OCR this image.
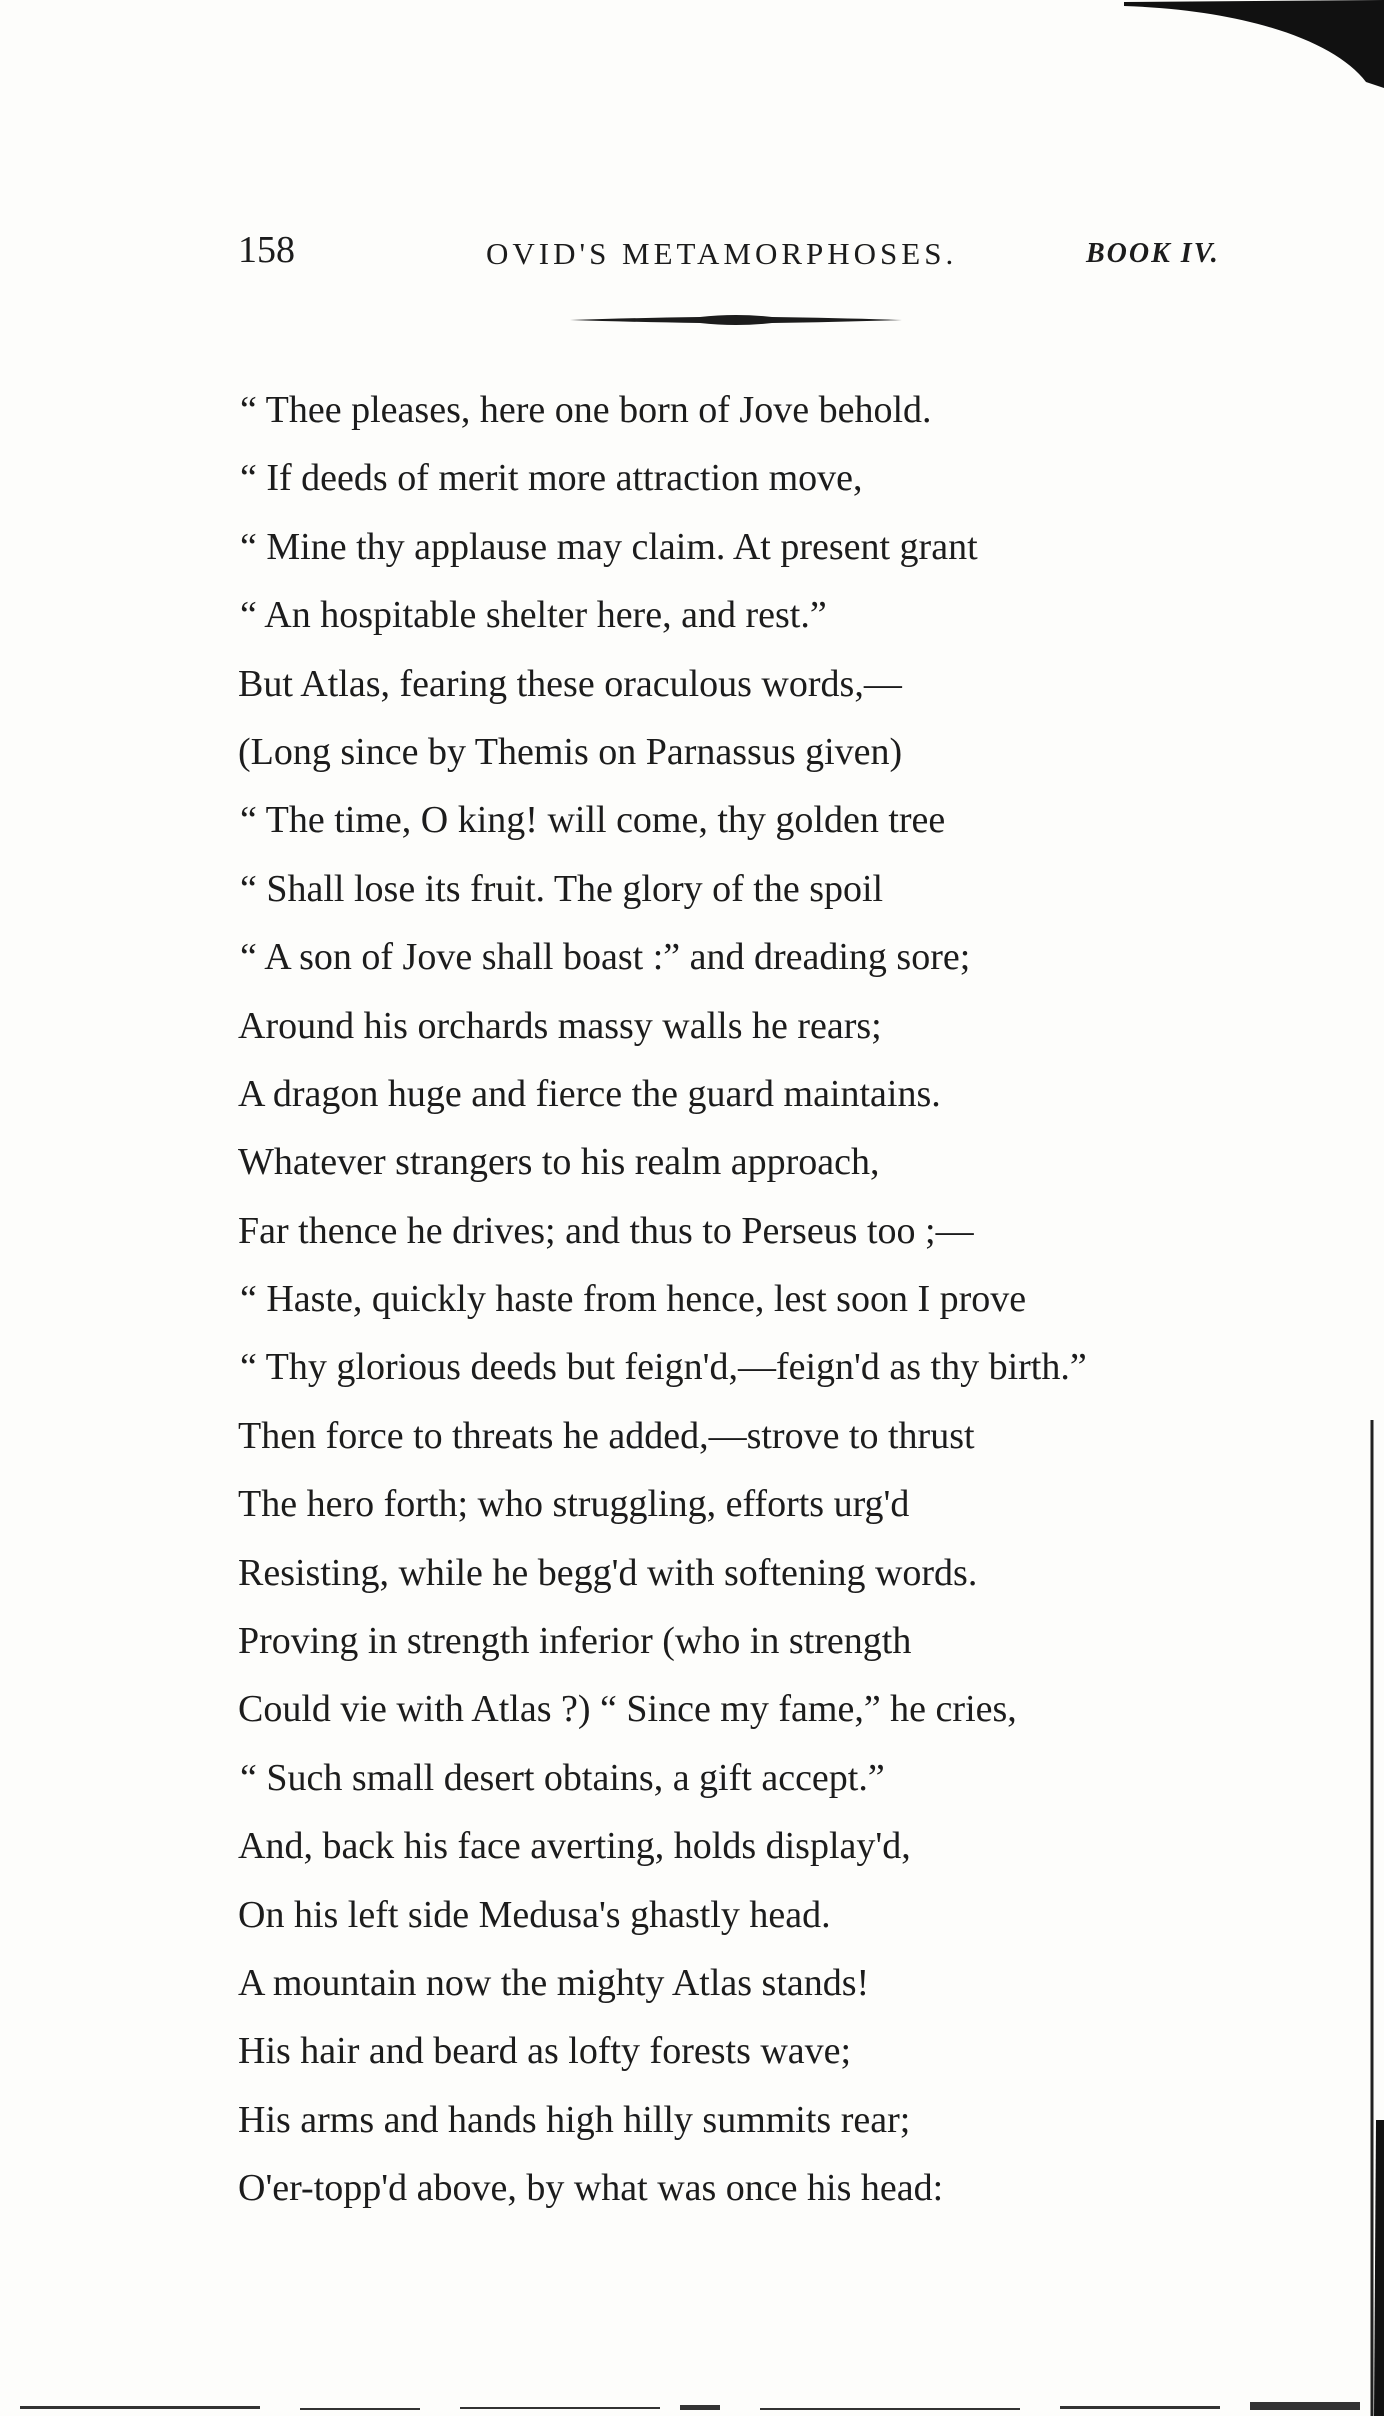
158	OVID'S METAMORPHOSES.	BOOK IV.
“ Thee pleases, here one born of Jove behold.
“ If deeds of merit more attraction move,
“ Mine thy applause may claim. At present grant
“ An hospitable shelter here, and rest.”
But Atlas, fearing these oraculous words,—
(Long since by Themis on Parnassus given)
“ The time, O king! will come, thy golden tree
“ Shall lose its fruit. The glory of the spoil
“ A son of Jove shall boast :” and dreading sore;
Around his orchards massy walls he rears;
A dragon huge and fierce the guard maintains.
Whatever strangers to his realm approach,
Far thence he drives; and thus to Perseus too ;—
“ Haste, quickly haste from hence, lest soon I prove
“ Thy glorious deeds but feign'd,—feign'd as thy birth.”
Then force to threats he added,—strove to thrust
The hero forth; who struggling, efforts urg'd
Resisting, while he begg'd with softening words.
Proving in strength inferior (who in strength
Could vie with Atlas ?) “ Since my fame,” he cries,
“ Such small desert obtains, a gift accept.”
And, back his face averting, holds display'd,
On his left side Medusa's ghastly head.
A mountain now the mighty Atlas stands!
His hair and beard as lofty forests wave;
His arms and hands high hilly summits rear;
O'er-topp'd above, by what was once his head:
